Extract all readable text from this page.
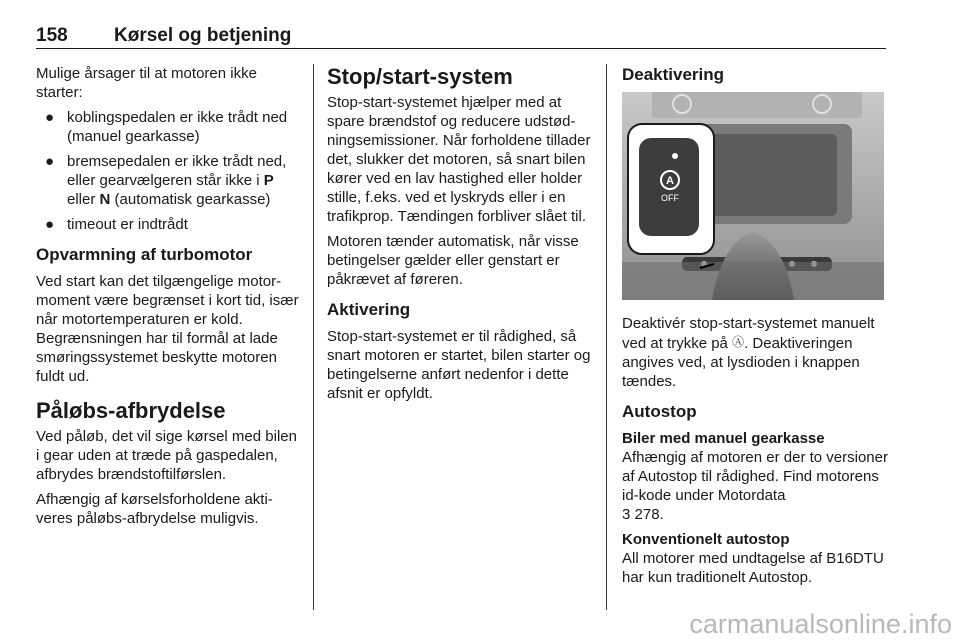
158 Kørsel og betjening

Mulige årsager til at motoren ikke starter:

● koblingspedalen er ikke trådt ned (manuel gearkasse)
● bremsepedalen er ikke trådt ned, eller gearvælgeren står ikke i P
eller N (automatisk gearkasse)
● timeout er indtrådt
Opvarmning af turbomotor

Ved start kan det tilgængelige motormoment være begrænset i kort tid, især når motortemperaturen er kold. Begrænsningen har til formål at lade smøringssystemet beskytte motoren fuldt ud.

Påløbs-afbrydelse

Ved påløb, det vil sige kørsel med bilen i gear uden at træde på gaspedalen, afbrydes brændstoftilførslen.

Afhængig af kørselsforholdene aktiveres påløbs-afbrydelse muligvis.

Stop/start-system

Stop-start-systemet hjælper med at spare brændstof og reducere udstødningsemissioner. Når forholdene tillader det, slukker det motoren, så snart bilen kører ved en lav hastighed eller holder stille, f.eks. ved et lyskryds eller i en trafikprop. Tændingen forbliver slået til.

Motoren tænder automatisk, når visse betingelser gælder eller genstart er påkrævet af føreren.

Aktivering

Stop-start-systemet er til rådighed, så snart motoren er startet, bilen starter og betingelserne anført nedenfor i dette afsnit er opfyldt.

Deaktivering
A
OFF

Deaktivér stop-start-systemet manuelt ved at trykke på Ⓐ. Deaktiveringen angives ved, at lysdioden i knappen tændes.

Autostop
Biler med manuel gearkasse

Afhængig af motoren er der to versioner af Autostop til rådighed. Find motorens id-kode under Motordata
3 278.

Konventionelt autostop

All motorer med undtagelse af B16DTU har kun traditionelt Autostop.

carmanualsonline.info
